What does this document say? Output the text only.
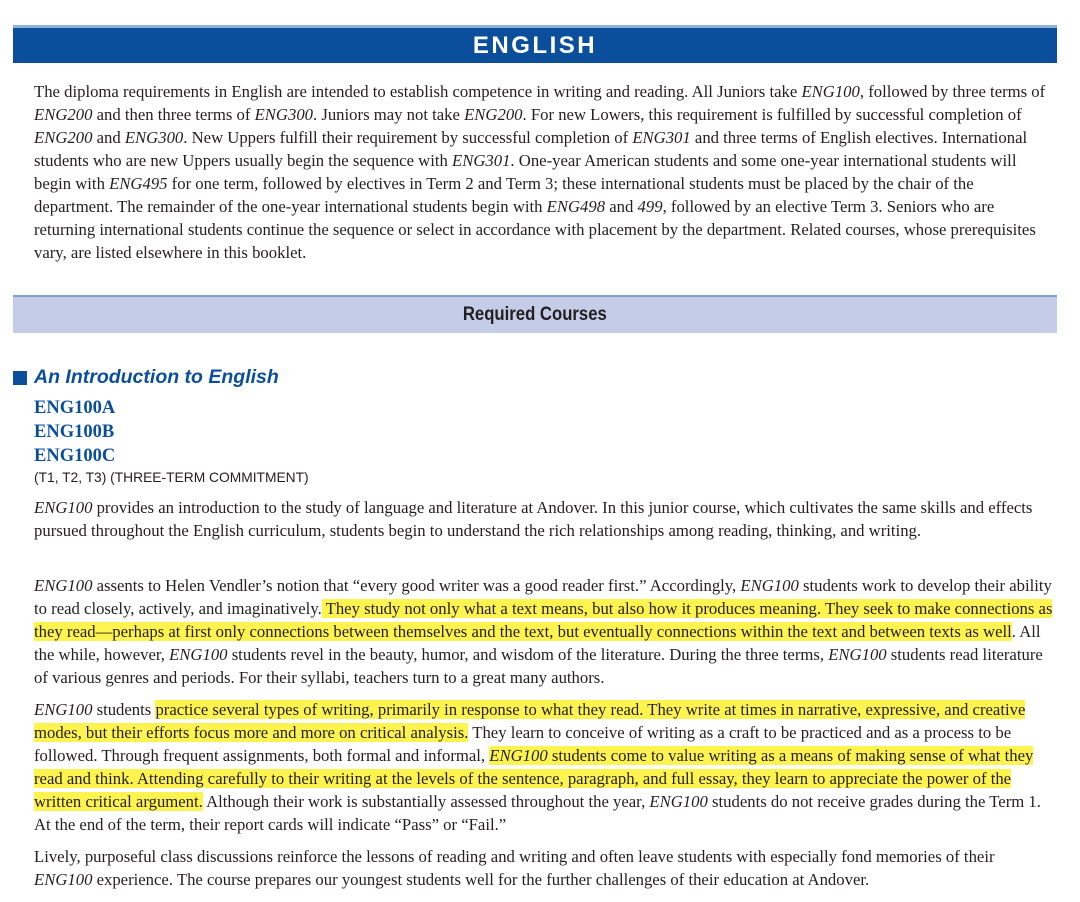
ENGLISH

The diploma requirements in English are intended to establish competence in writing and reading. All Juniors take ENG100, followed by three terms of ENG200 and then three terms of ENG300. Juniors may not take ENG200. For new Lowers, this requirement is fulfilled by successful completion of ENG200 and ENG300. New Uppers fulfill their requirement by successful completion of ENG301 and three terms of English electives. International students who are new Uppers usually begin the sequence with ENG301. One-year American students and some one-year international students will begin with ENG495 for one term, followed by electives in Term 2 and Term 3; these international students must be placed by the chair of the department. The remainder of the one-year international students begin with ENG498 and 499, followed by an elective Term 3. Seniors who are returning international students continue the sequence or select in accordance with placement by the department. Related courses, whose prerequisites vary, are listed elsewhere in this booklet.

Required Courses
An Introduction to English
ENG100A
ENG100B
ENG100C
(T1, T2, T3) (THREE-TERM COMMITMENT)

ENG100 provides an introduction to the study of language and literature at Andover. In this junior course, which cultivates the same skills and effects pursued throughout the English curriculum, students begin to understand the rich relationships among reading, thinking, and writing.

ENG100 assents to Helen Vendler’s notion that “every good writer was a good reader first.” Accordingly, ENG100 students work to develop their ability to read closely, actively, and imaginatively. They study not only what a text means, but also how it produces meaning. They seek to make connections as they read—perhaps at first only connections between themselves and the text, but eventually connections within the text and between texts as well. All the while, however, ENG100 students revel in the beauty, humor, and wisdom of the literature. During the three terms, ENG100 students read literature of various genres and periods. For their syllabi, teachers turn to a great many authors.

ENG100 students practice several types of writing, primarily in response to what they read. They write at times in narrative, expressive, and creative modes, but their efforts focus more and more on critical analysis. They learn to conceive of writing as a craft to be practiced and as a process to be followed. Through frequent assignments, both formal and informal, ENG100 students come to value writing as a means of making sense of what they read and think. Attending carefully to their writing at the levels of the sentence, paragraph, and full essay, they learn to appreciate the power of the written critical argument. Although their work is substantially assessed throughout the year, ENG100 students do not receive grades during the Term 1. At the end of the term, their report cards will indicate “Pass” or “Fail.”

Lively, purposeful class discussions reinforce the lessons of reading and writing and often leave students with especially fond memories of their ENG100 experience. The course prepares our youngest students well for the further challenges of their education at Andover.
